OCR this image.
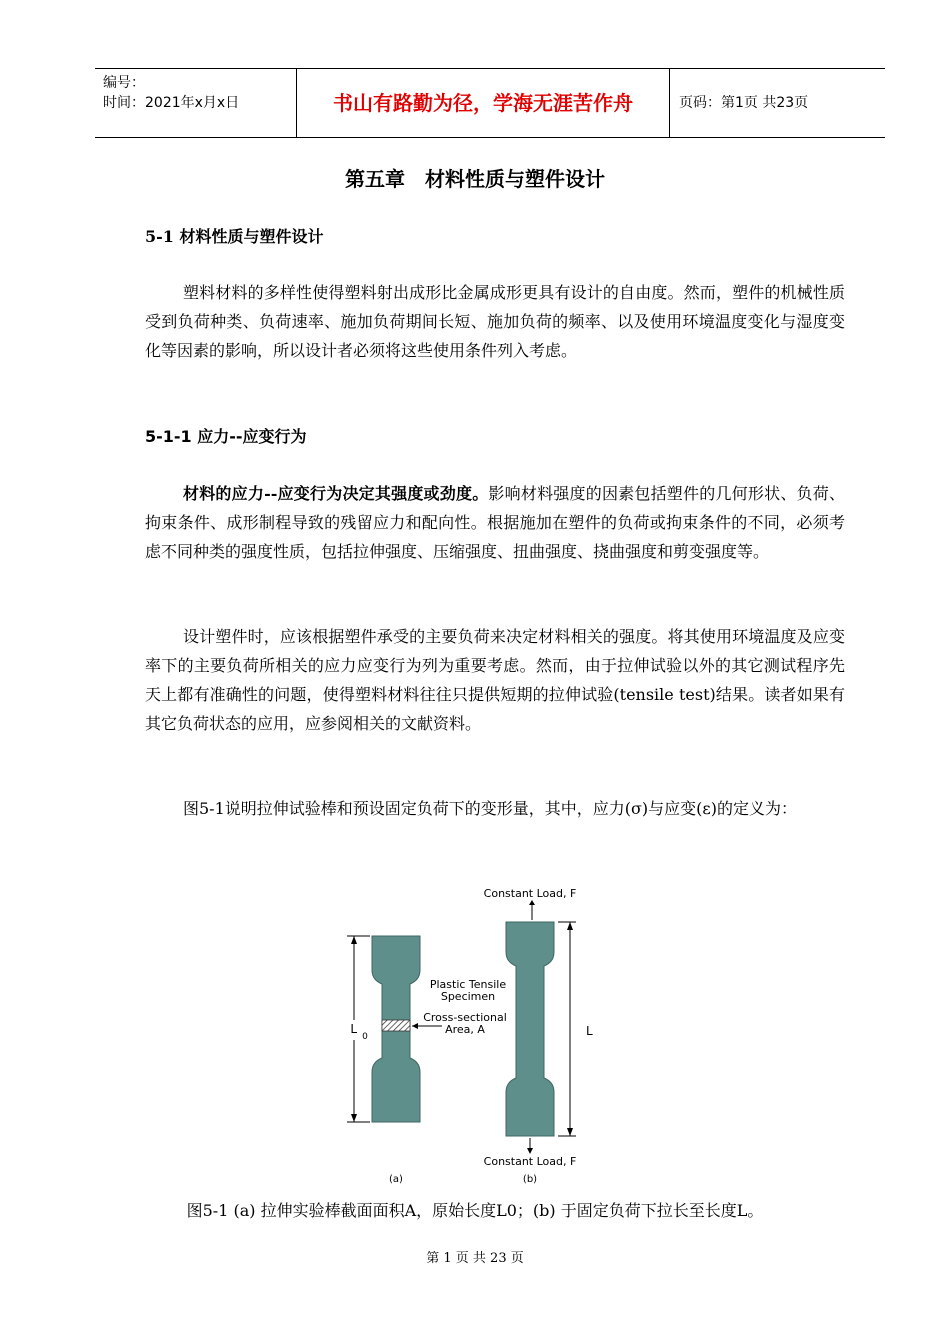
编号：
时间：2021年x月x日	书山有路勤为径，学海无涯苦作舟	页码：第1页 共23页
第五章　材料性质与塑件设计
5-1 材料性质与塑件设计

塑料材料的多样性使得塑料射出成形比金属成形更具有设计的自由度。然而，塑件的机械性质受到负荷种类、负荷速率、施加负荷期间长短、施加负荷的频率、以及使用环境温度变化与湿度变化等因素的影响，所以设计者必须将这些使用条件列入考虑。

5-1-1 应力--应变行为

材料的应力--应变行为决定其强度或劲度。影响材料强度的因素包括塑件的几何形状、负荷、拘束条件、成形制程导致的残留应力和配向性。根据施加在塑件的负荷或拘束条件的不同，必须考虑不同种类的强度性质，包括拉伸强度、压缩强度、扭曲强度、挠曲强度和剪变强度等。

设计塑件时，应该根据塑件承受的主要负荷来决定材料相关的强度。将其使用环境温度及应变率下的主要负荷所相关的应力应变行为列为重要考虑。然而，由于拉伸试验以外的其它测试程序先天上都有准确性的问题，使得塑料材料往往只提供短期的拉伸试验(tensile test)结果。读者如果有其它负荷状态的应用，应参阅相关的文献资料。

图5-1说明拉伸试验棒和预设固定负荷下的变形量，其中，应力(σ)与应变(ε)的定义为：

Constant Load, F
L
0
Plastic Tensile
Specimen
Cross-sectional
Area, A	L
Constant Load, F
(a)	(b)
图5-1 (a) 拉伸实验棒截面面积A，原始长度L0；(b) 于固定负荷下拉长至长度L。
第 1 页 共 23 页
